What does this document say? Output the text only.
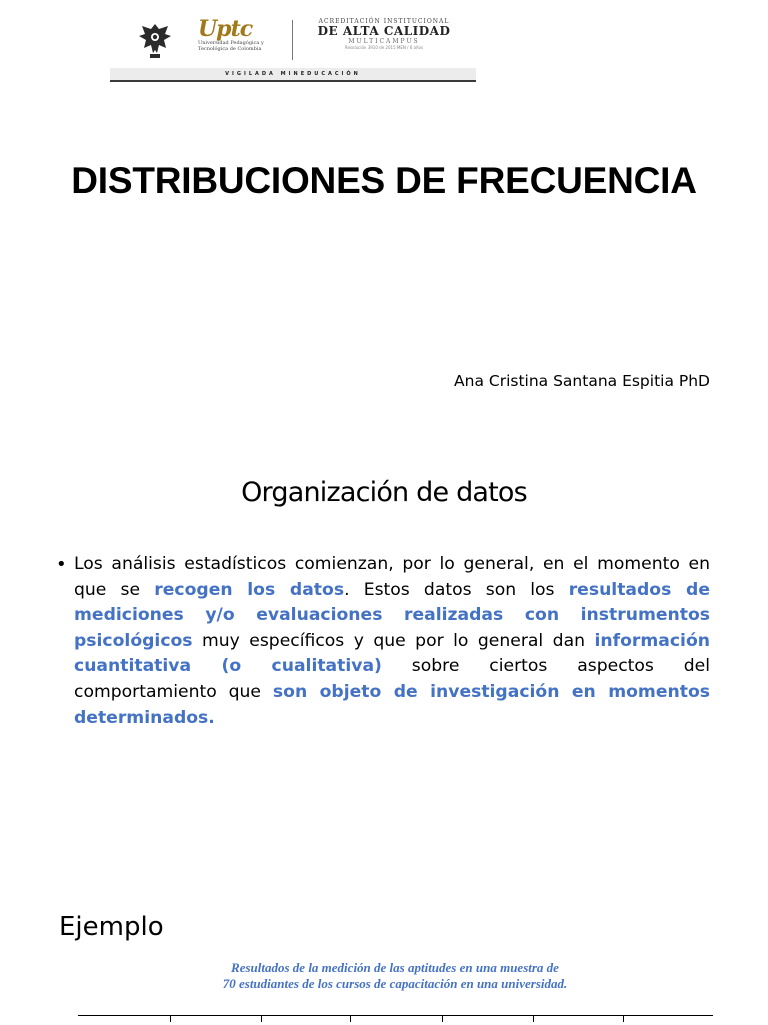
Uptc
Universidad Pedagógica y Tecnológica de Colombia
ACREDITACIÓN INSTITUCIONAL
DE ALTA CALIDAD
MULTICAMPUS
Resolución 3910 de 2015 MEN / 6 años
VIGILADA MINEDUCACIÓN
DISTRIBUCIONES DE FRECUENCIA
Ana Cristina Santana Espitia PhD
Organización de datos
• Los análisis estadísticos comienzan, por lo general, en el momento en que se recogen los datos. Estos datos son los resultados de mediciones y/o evaluaciones realizadas con instrumentos psicológicos muy específicos y que por lo general dan información cuantitativa (o cualitativa) sobre ciertos aspectos del comportamiento que son objeto de investigación en momentos determinados.
Ejemplo
Resultados de la medición de las aptitudes en una muestra de
70 estudiantes de los cursos de capacitación en una universidad.
